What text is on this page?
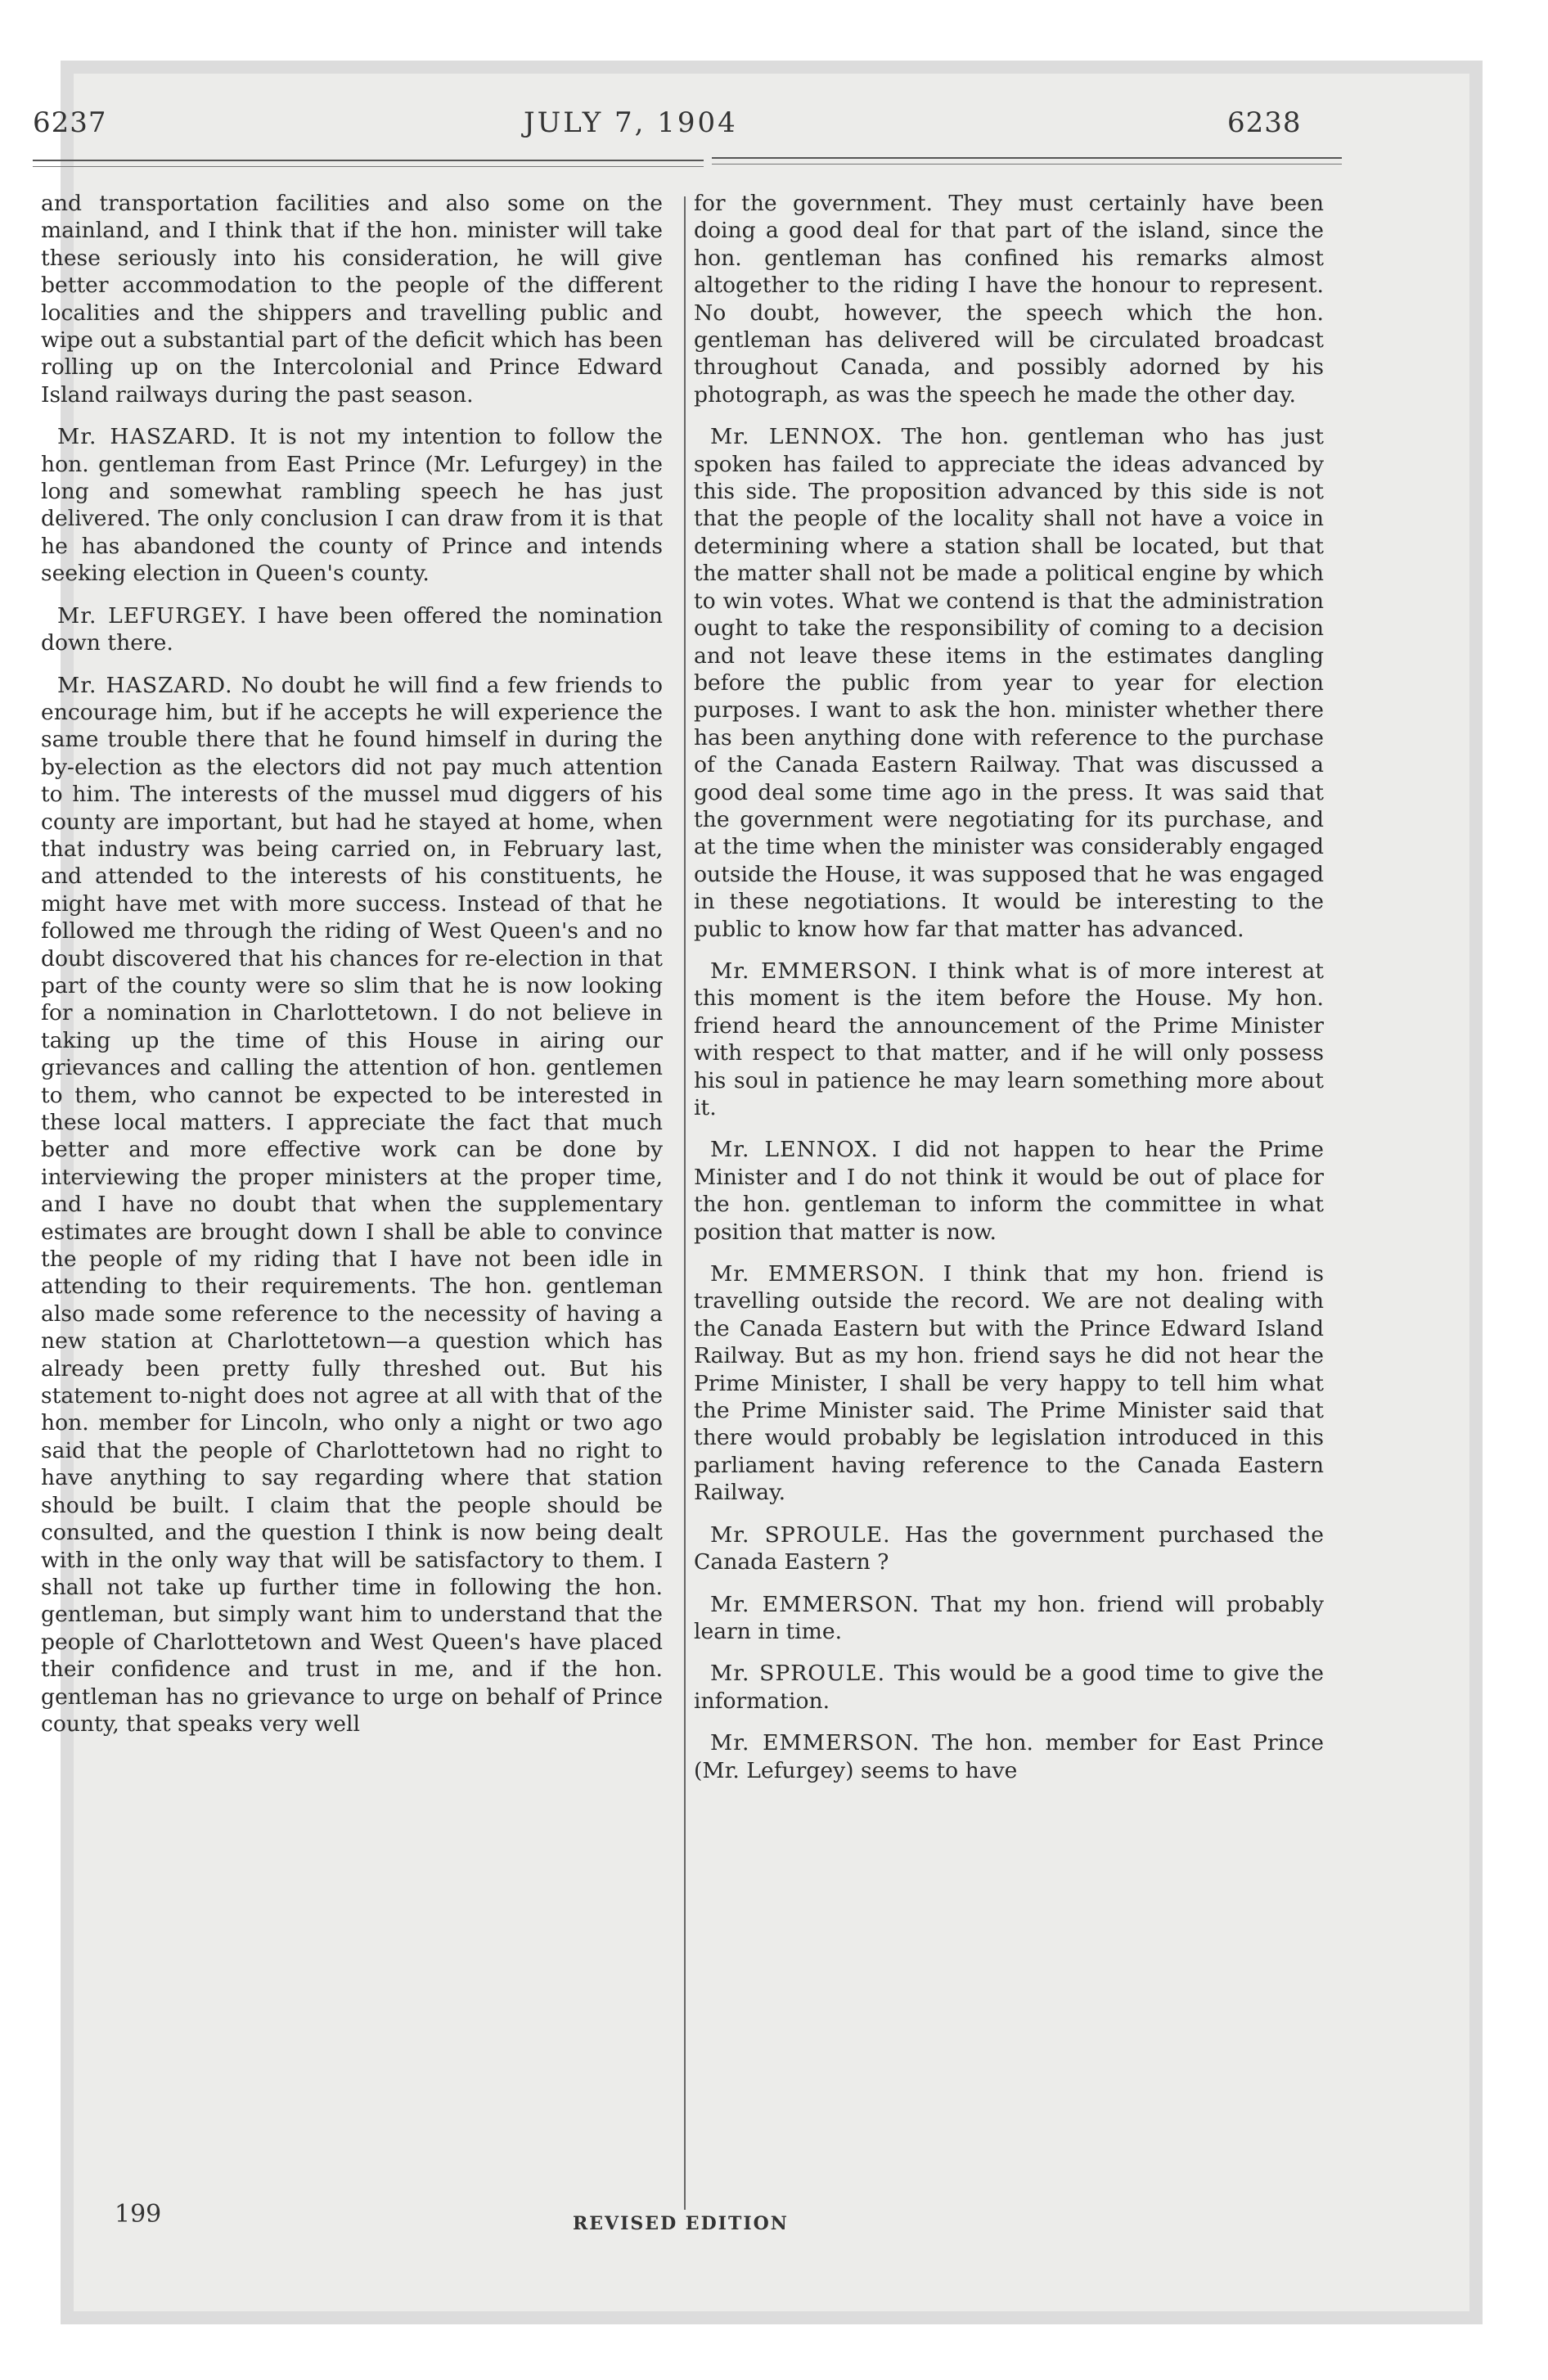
6237	JULY 7, 1904	6238

and transportation facilities and also some on the mainland, and I think that if the hon. minister will take these seriously into his consideration, he will give better accommodation to the people of the different localities and the shippers and travelling public and wipe out a substantial part of the deficit which has been rolling up on the Intercolonial and Prince Edward Island railways during the past season.

Mr. HASZARD. It is not my intention to follow the hon. gentleman from East Prince (Mr. Lefurgey) in the long and somewhat rambling speech he has just delivered. The only conclusion I can draw from it is that he has abandoned the county of Prince and intends seeking election in Queen's county.

Mr. LEFURGEY. I have been offered the nomination down there.

Mr. HASZARD. No doubt he will find a few friends to encourage him, but if he accepts he will experience the same trouble there that he found himself in during the by-election as the electors did not pay much attention to him. The interests of the mussel mud diggers of his county are important, but had he stayed at home, when that industry was being carried on, in February last, and attended to the interests of his constituents, he might have met with more success. Instead of that he followed me through the riding of West Queen's and no doubt discovered that his chances for re-election in that part of the county were so slim that he is now looking for a nomination in Charlottetown. I do not believe in taking up the time of this House in airing our grievances and calling the attention of hon. gentlemen to them, who cannot be expected to be interested in these local matters. I appreciate the fact that much better and more effective work can be done by interviewing the proper ministers at the proper time, and I have no doubt that when the supplementary estimates are brought down I shall be able to convince the people of my riding that I have not been idle in attending to their requirements. The hon. gentleman also made some reference to the necessity of having a new station at Charlottetown—a question which has already been pretty fully threshed out. But his statement to-night does not agree at all with that of the hon. member for Lincoln, who only a night or two ago said that the people of Charlottetown had no right to have anything to say regarding where that station should be built. I claim that the people should be consulted, and the question I think is now being dealt with in the only way that will be satisfactory to them. I shall not take up further time in following the hon. gentleman, but simply want him to understand that the people of Charlottetown and West Queen's have placed their confidence and trust in me, and if the hon. gentleman has no grievance to urge on behalf of Prince county, that speaks very well

for the government. They must certainly have been doing a good deal for that part of the island, since the hon. gentleman has confined his remarks almost altogether to the riding I have the honour to represent. No doubt, however, the speech which the hon. gentleman has delivered will be circulated broadcast throughout Canada, and possibly adorned by his photograph, as was the speech he made the other day.

Mr. LENNOX. The hon. gentleman who has just spoken has failed to appreciate the ideas advanced by this side. The proposition advanced by this side is not that the people of the locality shall not have a voice in determining where a station shall be located, but that the matter shall not be made a political engine by which to win votes. What we contend is that the administration ought to take the responsibility of coming to a decision and not leave these items in the estimates dangling before the public from year to year for election purposes. I want to ask the hon. minister whether there has been anything done with reference to the purchase of the Canada Eastern Railway. That was discussed a good deal some time ago in the press. It was said that the government were negotiating for its purchase, and at the time when the minister was considerably engaged outside the House, it was supposed that he was engaged in these negotiations. It would be interesting to the public to know how far that matter has advanced.

Mr. EMMERSON. I think what is of more interest at this moment is the item before the House. My hon. friend heard the announcement of the Prime Minister with respect to that matter, and if he will only possess his soul in patience he may learn something more about it.

Mr. LENNOX. I did not happen to hear the Prime Minister and I do not think it would be out of place for the hon. gentleman to inform the committee in what position that matter is now.

Mr. EMMERSON. I think that my hon. friend is travelling outside the record. We are not dealing with the Canada Eastern but with the Prince Edward Island Railway. But as my hon. friend says he did not hear the Prime Minister, I shall be very happy to tell him what the Prime Minister said. The Prime Minister said that there would probably be legislation introduced in this parliament having reference to the Canada Eastern Railway.

Mr. SPROULE. Has the government purchased the Canada Eastern ?

Mr. EMMERSON. That my hon. friend will probably learn in time.

Mr. SPROULE. This would be a good time to give the information.

Mr. EMMERSON. The hon. member for East Prince (Mr. Lefurgey) seems to have

199	REVISED EDITION
